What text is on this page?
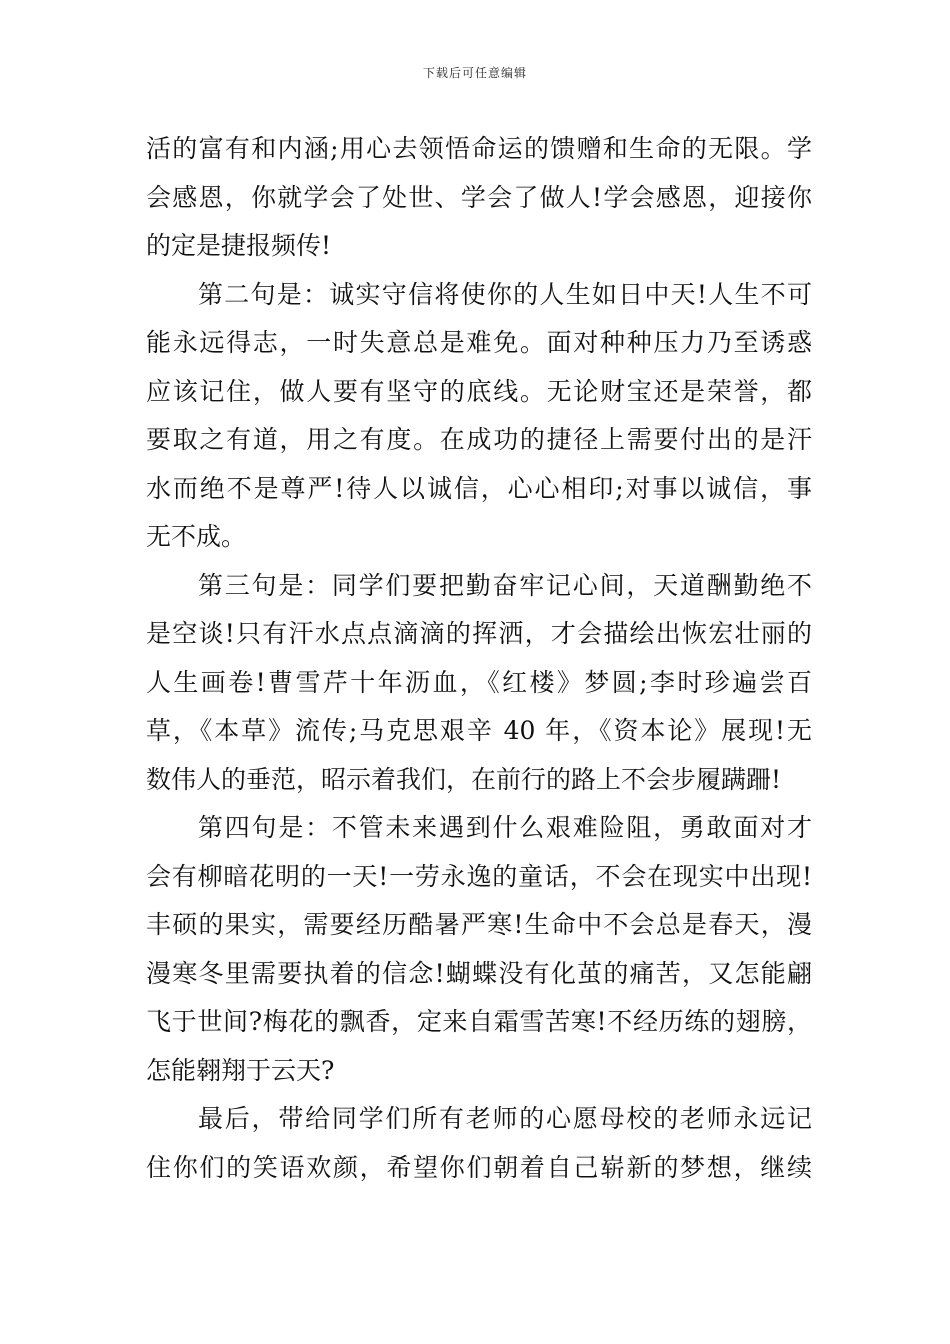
下载后可任意编辑

活的富有和内涵;用心去领悟命运的馈赠和生命的无限。学
会感恩，你就学会了处世、学会了做人!学会感恩，迎接你
的定是捷报频传!

第二句是：诚实守信将使你的人生如日中天!人生不可
能永远得志，一时失意总是难免。面对种种压力乃至诱惑
应该记住，做人要有坚守的底线。无论财宝还是荣誉，都
要取之有道，用之有度。在成功的捷径上需要付出的是汗
水而绝不是尊严!待人以诚信，心心相印;对事以诚信，事
无不成。

第三句是：同学们要把勤奋牢记心间，天道酬勤绝不
是空谈!只有汗水点点滴滴的挥洒，才会描绘出恢宏壮丽的
人生画卷!曹雪芹十年沥血，《红楼》梦圆;李时珍遍尝百
草，《本草》流传;马克思艰辛 40 年，《资本论》展现!无
数伟人的垂范，昭示着我们，在前行的路上不会步履蹒跚!

第四句是：不管未来遇到什么艰难险阻，勇敢面对才
会有柳暗花明的一天!一劳永逸的童话，不会在现实中出现!
丰硕的果实，需要经历酷暑严寒!生命中不会总是春天，漫
漫寒冬里需要执着的信念!蝴蝶没有化茧的痛苦，又怎能翩
飞于世间?梅花的飘香，定来自霜雪苦寒!不经历练的翅膀，
怎能翱翔于云天?

最后，带给同学们所有老师的心愿母校的老师永远记
住你们的笑语欢颜，希望你们朝着自己崭新的梦想，继续
